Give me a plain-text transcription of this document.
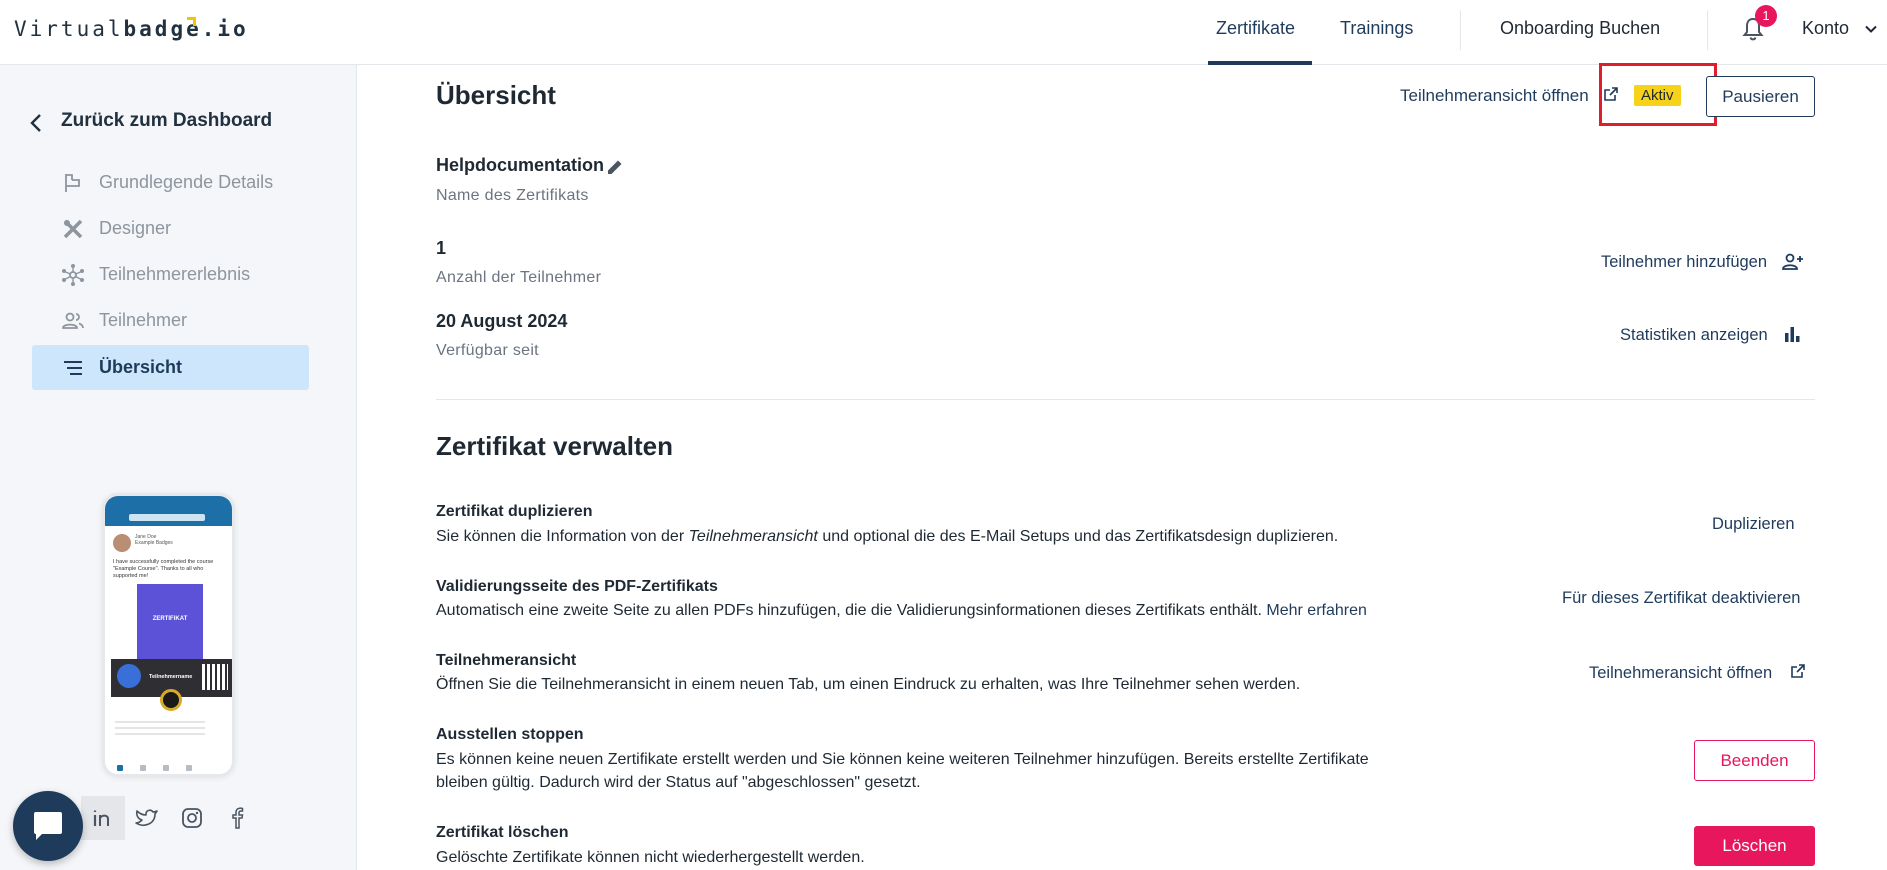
Virtualbadge.io	Zertifikate Trainings	Onboarding Buchen
1
Konto
Zurück zum Dashboard
Grundlegende Details
Designer
Teilnehmererlebnis
Teilnehmer
Übersicht
Jane Doe
Example Badges
I have successfully completed the course "Example Course". Thanks to all who supported me!
ZERTIFIKAT
Teilnehmername
Übersicht	Teilnehmeransicht öffnen	Aktiv	Pausieren
Helpdocumentation
Name des Zertifikats
1
Anzahl der Teilnehmer
Teilnehmer hinzufügen
20 August 2024
Verfügbar seit
Statistiken anzeigen
Zertifikat verwalten
Zertifikat duplizieren
Sie können die Information von der Teilnehmeransicht und optional die des E-Mail Setups und das Zertifikatsdesign duplizieren.
Duplizieren
Validierungsseite des PDF-Zertifikats
Automatisch eine zweite Seite zu allen PDFs hinzufügen, die die Validierungsinformationen dieses Zertifikats enthält. Mehr erfahren
Für dieses Zertifikat deaktivieren
Teilnehmeransicht
Öffnen Sie die Teilnehmeransicht in einem neuen Tab, um einen Eindruck zu erhalten, was Ihre Teilnehmer sehen werden.
Teilnehmeransicht öffnen
Ausstellen stoppen
Es können keine neuen Zertifikate erstellt werden und Sie können keine weiteren Teilnehmer hinzufügen. Bereits erstellte Zertifikate
bleiben gültig. Dadurch wird der Status auf "abgeschlossen" gesetzt.
Beenden
Zertifikat löschen
Gelöschte Zertifikate können nicht wiederhergestellt werden.
Löschen
